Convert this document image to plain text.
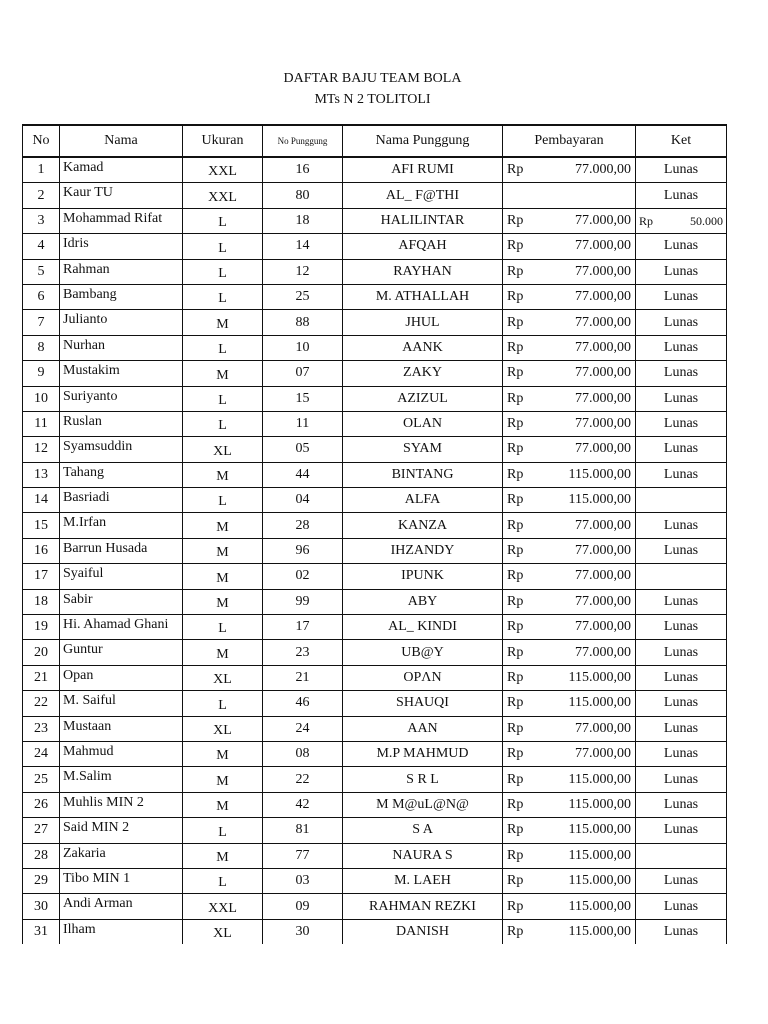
DAFTAR BAJU TEAM BOLA
MTs N 2 TOLITOLI
No	Nama	Ukuran	No Punggung	Nama Punggung	Pembayaran	Ket
1	Kamad	XXL	16	AFI RUMI	Rp 77.000,00	Lunas
2	Kaur TU	XXL	80	AL_ F@THI		Lunas
3	Mohammad Rifat	L	18	HALILINTAR	Rp 77.000,00	Rp 50.000

4	Idris	L	14	AFQAH	Rp 77.000,00	Lunas
5	Rahman	L	12	RAYHAN	Rp 77.000,00	Lunas
6	Bambang	L	25	M. ATHALLAH	Rp 77.000,00	Lunas
7	Julianto	M	88	JHUL	Rp 77.000,00	Lunas
8	Nurhan	L	10	AANK	Rp 77.000,00	Lunas
9	Mustakim	M	07	ZAKY	Rp 77.000,00	Lunas
10	Suriyanto	L	15	AZIZUL	Rp 77.000,00	Lunas
11	Ruslan	L	11	OLAN	Rp 77.000,00	Lunas
12	Syamsuddin	XL	05	SYAM	Rp 77.000,00	Lunas
13	Tahang	M	44	BINTANG	Rp 115.000,00	Lunas
14	Basriadi	L	04	ALFA	Rp 115.000,00	

15	M.Irfan	M	28	KANZA	Rp 77.000,00	Lunas
16	Barrun Husada	M	96	IHZANDY	Rp 77.000,00	Lunas
17	Syaiful	M	02	IPUNK	Rp 77.000,00	

18	Sabir	M	99	ABY	Rp 77.000,00	Lunas
19	Hi. Ahamad Ghani	L	17	AL_ KINDI	Rp 77.000,00	Lunas
20	Guntur	M	23	UB@Y	Rp 77.000,00	Lunas
21	Opan	XL	21	OPΛN	Rp 115.000,00	Lunas
22	M. Saiful	L	46	SHAUQI	Rp 115.000,00	Lunas
23	Mustaan	XL	24	AAN	Rp 77.000,00	Lunas
24	Mahmud	M	08	M.P MAHMUD	Rp 77.000,00	Lunas
25	M.Salim	M	22	S R L	Rp 115.000,00	Lunas
26	Muhlis MIN 2	M	42	M M@uL@N@	Rp 115.000,00	Lunas
27	Said MIN 2	L	81	S A	Rp 115.000,00	Lunas
28	Zakaria	M	77	NAURA S	Rp 115.000,00	

29	Tibo MIN 1	L	03	M. LAEH	Rp 115.000,00	Lunas
30	Andi Arman	XXL	09	RAHMAN REZKI	Rp 115.000,00	Lunas
31	Ilham	XL	30	DANISH	Rp 115.000,00	Lunas
